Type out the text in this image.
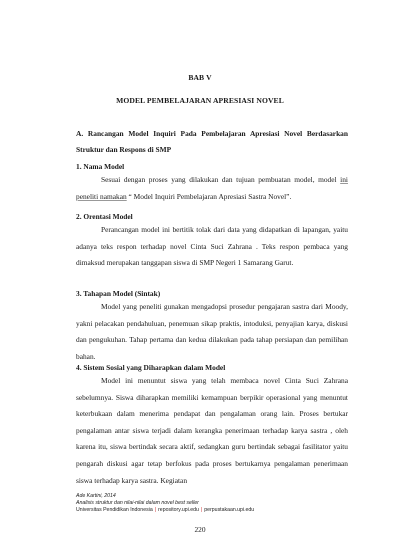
BAB V
MODEL PEMBELAJARAN APRESIASI NOVEL
A. Rancangan Model Inquiri Pada Pembelajaran Apresiasi Novel Berdasarkan Struktur dan Respons di SMP
1. Nama Model
Sesuai dengan proses yang dilakukan dan tujuan pembuatan model, model ini peneliti namakan “ Model Inquiri Pembelajaran Apresiasi Sastra Novel”.
2. Orentasi Model
Perancangan model ini bertitik tolak dari data yang didapatkan di lapangan, yaitu adanya teks respon terhadap novel Cinta Suci Zahrana . Teks respon pembaca yang dimaksud merupakan tanggapan siswa di SMP Negeri 1 Samarang Garut.
3. Tahapan Model (Sintak)
Model yang peneliti gunakan mengadopsi prosedur pengajaran sastra dari Moody, yakni pelacakan pendahuluan, penemuan sikap praktis, intoduksi, penyajian karya, diskusi dan pengukuhan. Tahap pertama dan kedua dilakukan pada tahap persiapan dan pemilihan bahan.
4. Sistem Sosial yang Diharapkan dalam Model
Model ini menuntut siswa yang telah membaca novel Cinta Suci Zahrana sebelumnya. Siswa diharapkan memiliki kemampuan berpikir operasional yang menuntut keterbukaan dalam menerima pendapat dan pengalaman orang lain. Proses bertukar pengalaman antar siswa terjadi dalam kerangka penerimaan terhadap karya sastra , oleh karena itu, siswa bertindak secara aktif, sedangkan guru bertindak sebagai fasilitator yaitu pengarah diskusi agar tetap berfokus pada proses bertukarnya pengalaman penerimaan siswa terhadap karya sastra. Kegiatan
Ade Kartini, 2014
Analisis struktur dan nilai-nilai dalam novel best seller
Universitas Pendidikan Indonesia | repository.upi.edu | perpustakaan.upi.edu
220
